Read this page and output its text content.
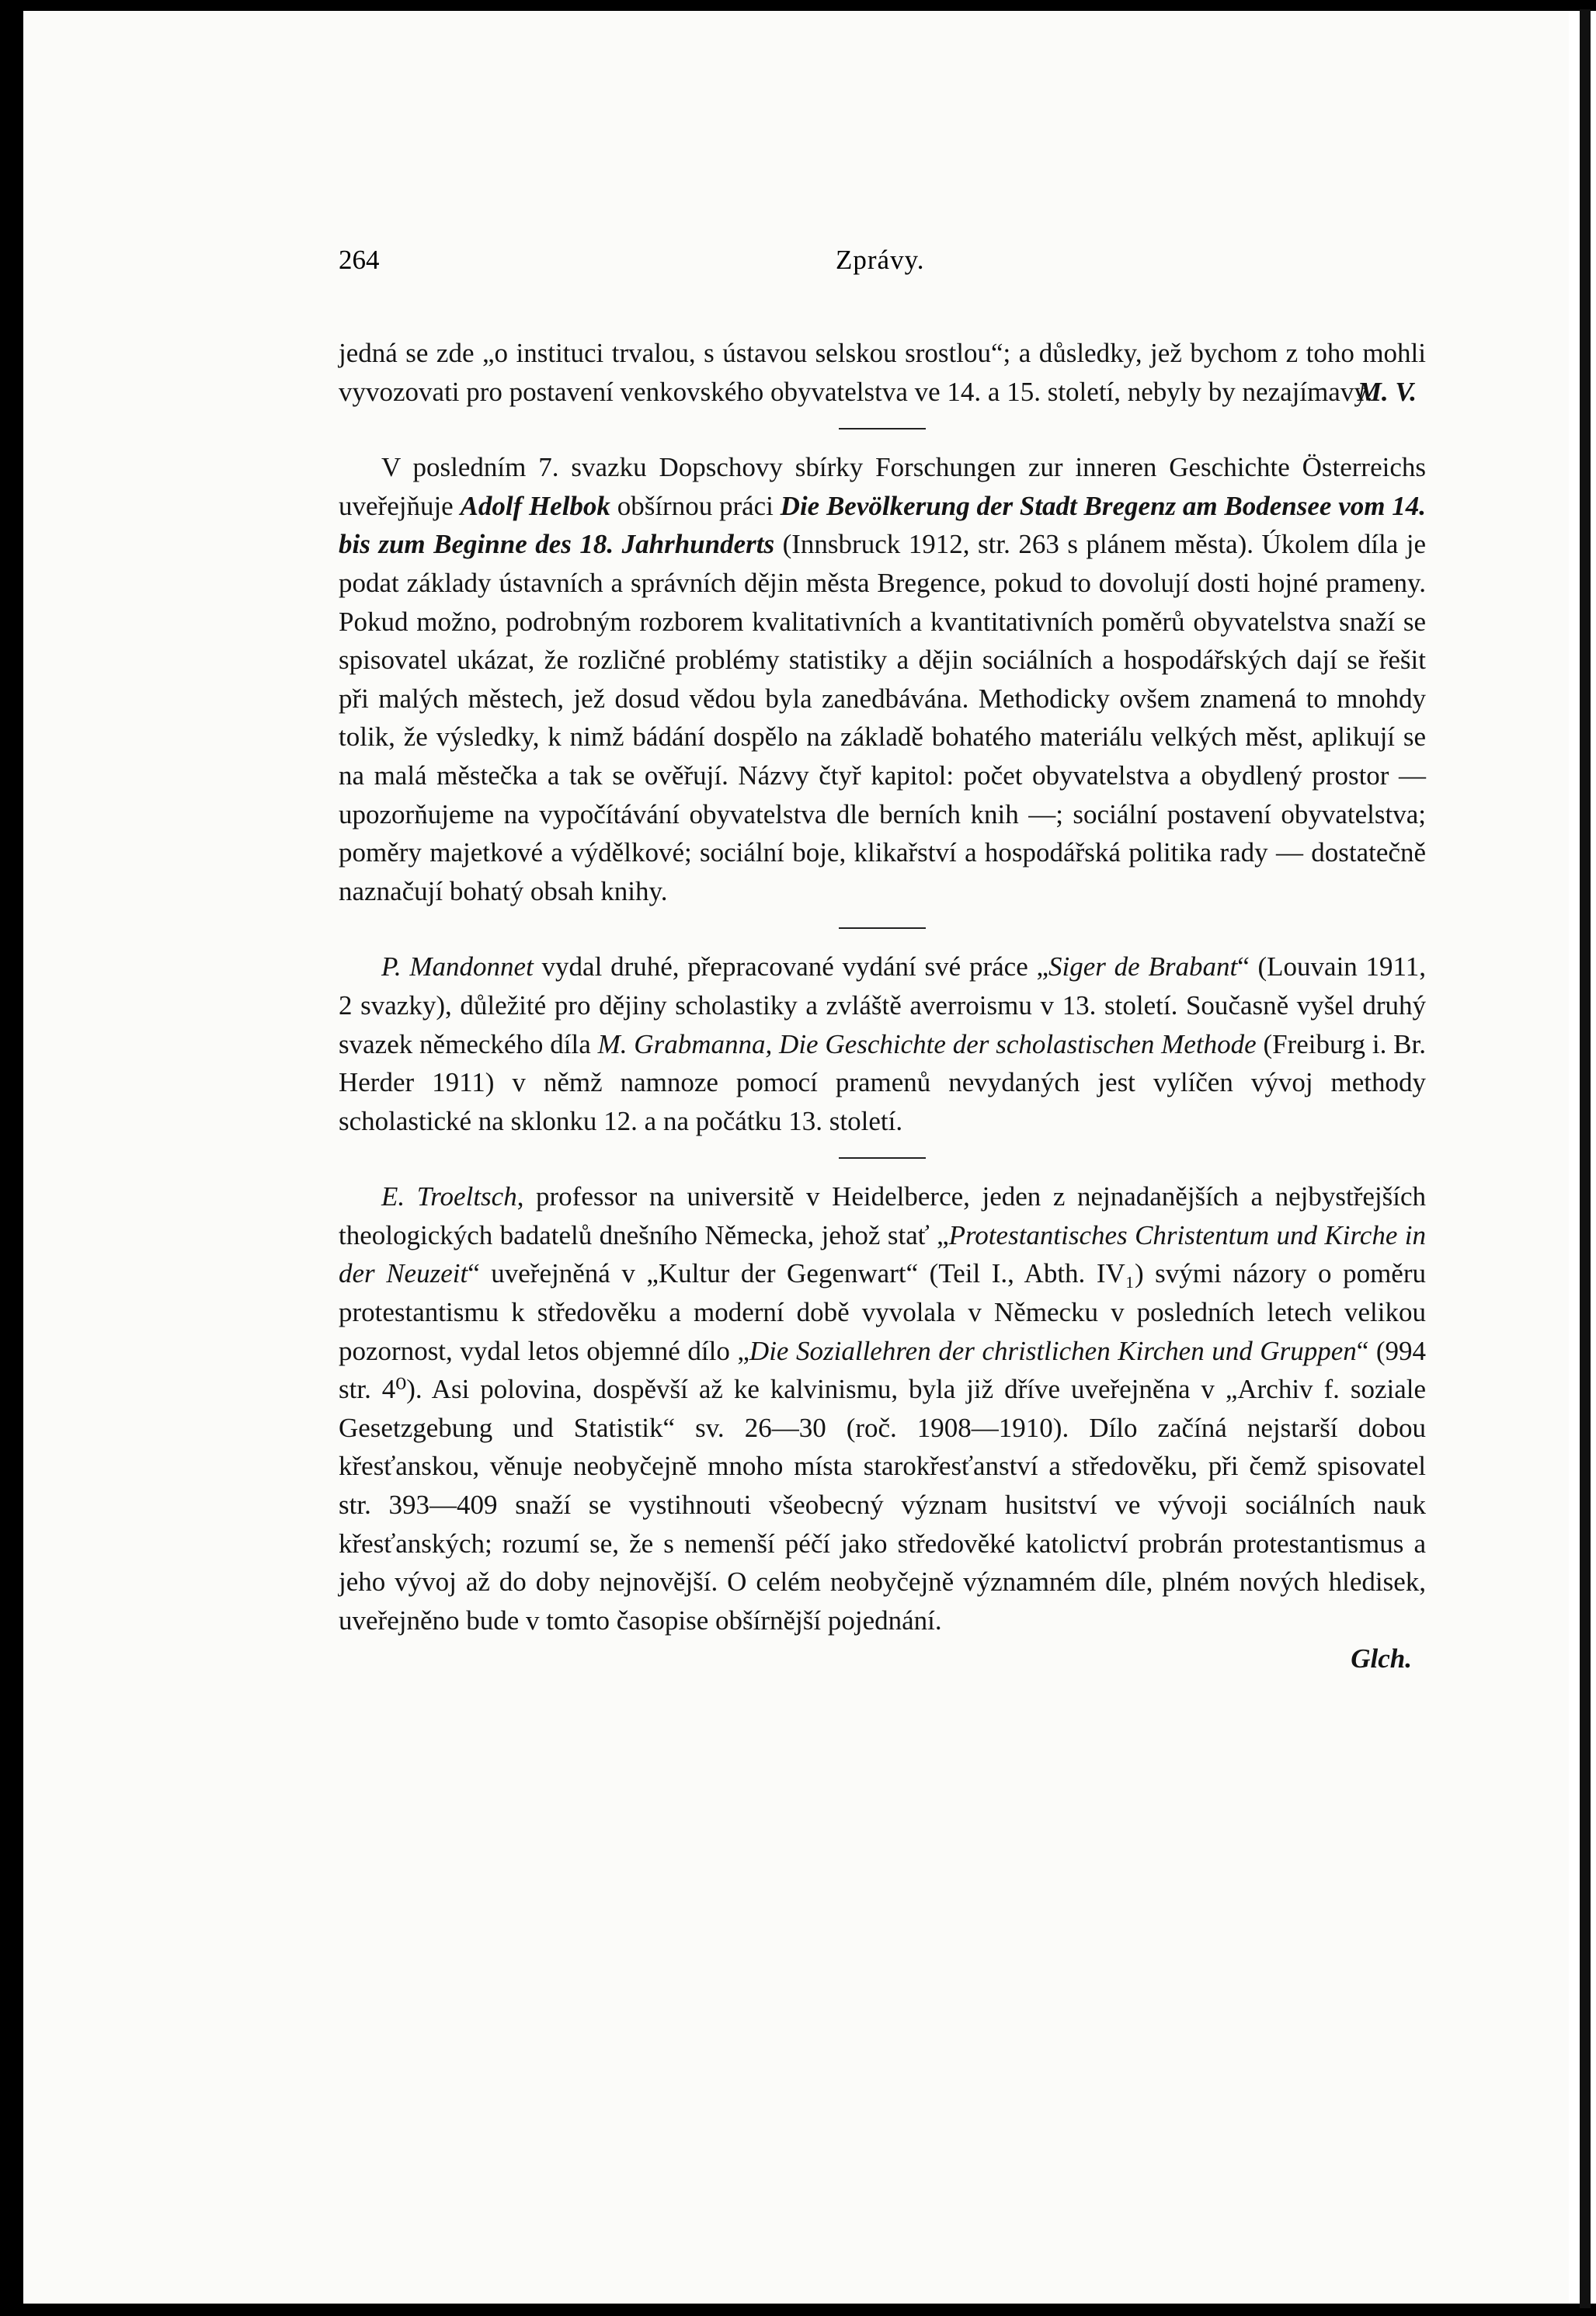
264	Zprávy.

jedná se zde „o instituci trvalou, s ústavou selskou srostlou“; a důsledky, jež bychom z toho mohli vyvozovati pro postavení venkovského obyvatelstva ve 14. a 15. století, nebyly by nezajímavy.

M. V.

V posledním 7. svazku Dopschovy sbírky Forschungen zur inneren Geschichte Österreichs uveřejňuje Adolf Helbok obšírnou práci Die Bevölkerung der Stadt Bregenz am Bodensee vom 14. bis zum Beginne des 18. Jahrhunderts (Innsbruck 1912, str. 263 s plánem města). Úkolem díla je podat základy ústavních a správních dějin města Bregence, pokud to dovolují dosti hojné prameny. Pokud možno, podrobným rozborem kvalitativních a kvantitativních poměrů obyvatelstva snaží se spisovatel ukázat, že rozličné problémy statistiky a dějin sociálních a hospodářských dají se řešit při malých městech, jež dosud vědou byla zanedbávána. Methodicky ovšem znamená to mnohdy tolik, že výsledky, k nimž bádání dospělo na základě bohatého materiálu velkých měst, aplikují se na malá městečka a tak se ověřují. Názvy čtyř kapitol: počet obyvatelstva a obydlený prostor — upozorňujeme na vypočítávání obyvatelstva dle berních knih —; sociální postavení obyvatelstva; poměry majetkové a výdělkové; sociální boje, klikařství a hospodářská politika rady — dostatečně naznačují bohatý obsah knihy.

P. Mandonnet vydal druhé, přepracované vydání své práce „Siger de Brabant“ (Louvain 1911, 2 svazky), důležité pro dějiny scholastiky a zvláště averroismu v 13. století. Současně vyšel druhý svazek německého díla M. Grabmanna, Die Geschichte der scholastischen Methode (Freiburg i. Br. Herder 1911) v němž namnoze pomocí pramenů nevydaných jest vylíčen vývoj methody scholastické na sklonku 12. a na počátku 13. století.

E. Troeltsch, professor na universitě v Heidelberce, jeden z nejnadanějších a nejbystřejších theologických badatelů dnešního Německa, jehož stať „Protestantisches Christentum und Kirche in der Neuzeit“ uveřejněná v „Kultur der Gegenwart“ (Teil I., Abth. IV₁) svými názory o poměru protestantismu k středověku a moderní době vyvolala v Německu v posledních letech velikou pozornost, vydal letos objemné dílo „Die Soziallehren der christlichen Kirchen und Gruppen“ (994 str. 4⁰). Asi polovina, dospěvší až ke kalvinismu, byla již dříve uveřejněna v „Archiv f. soziale Gesetzgebung und Statistik“ sv. 26—30 (roč. 1908—1910). Dílo začíná nejstarší dobou křesťanskou, věnuje neobyčejně mnoho místa starokřesťanství a středověku, při čemž spisovatel str. 393—409 snaží se vystihnouti všeobecný význam husitství ve vývoji sociálních nauk křesťanských; rozumí se, že s nemenší péčí jako středověké katolictví probrán protestantismus a jeho vývoj až do doby nejnovější. O celém neobyčejně významném díle, plném nových hledisek, uveřejněno bude v tomto časopise obšírnější pojednání.

Glch.
